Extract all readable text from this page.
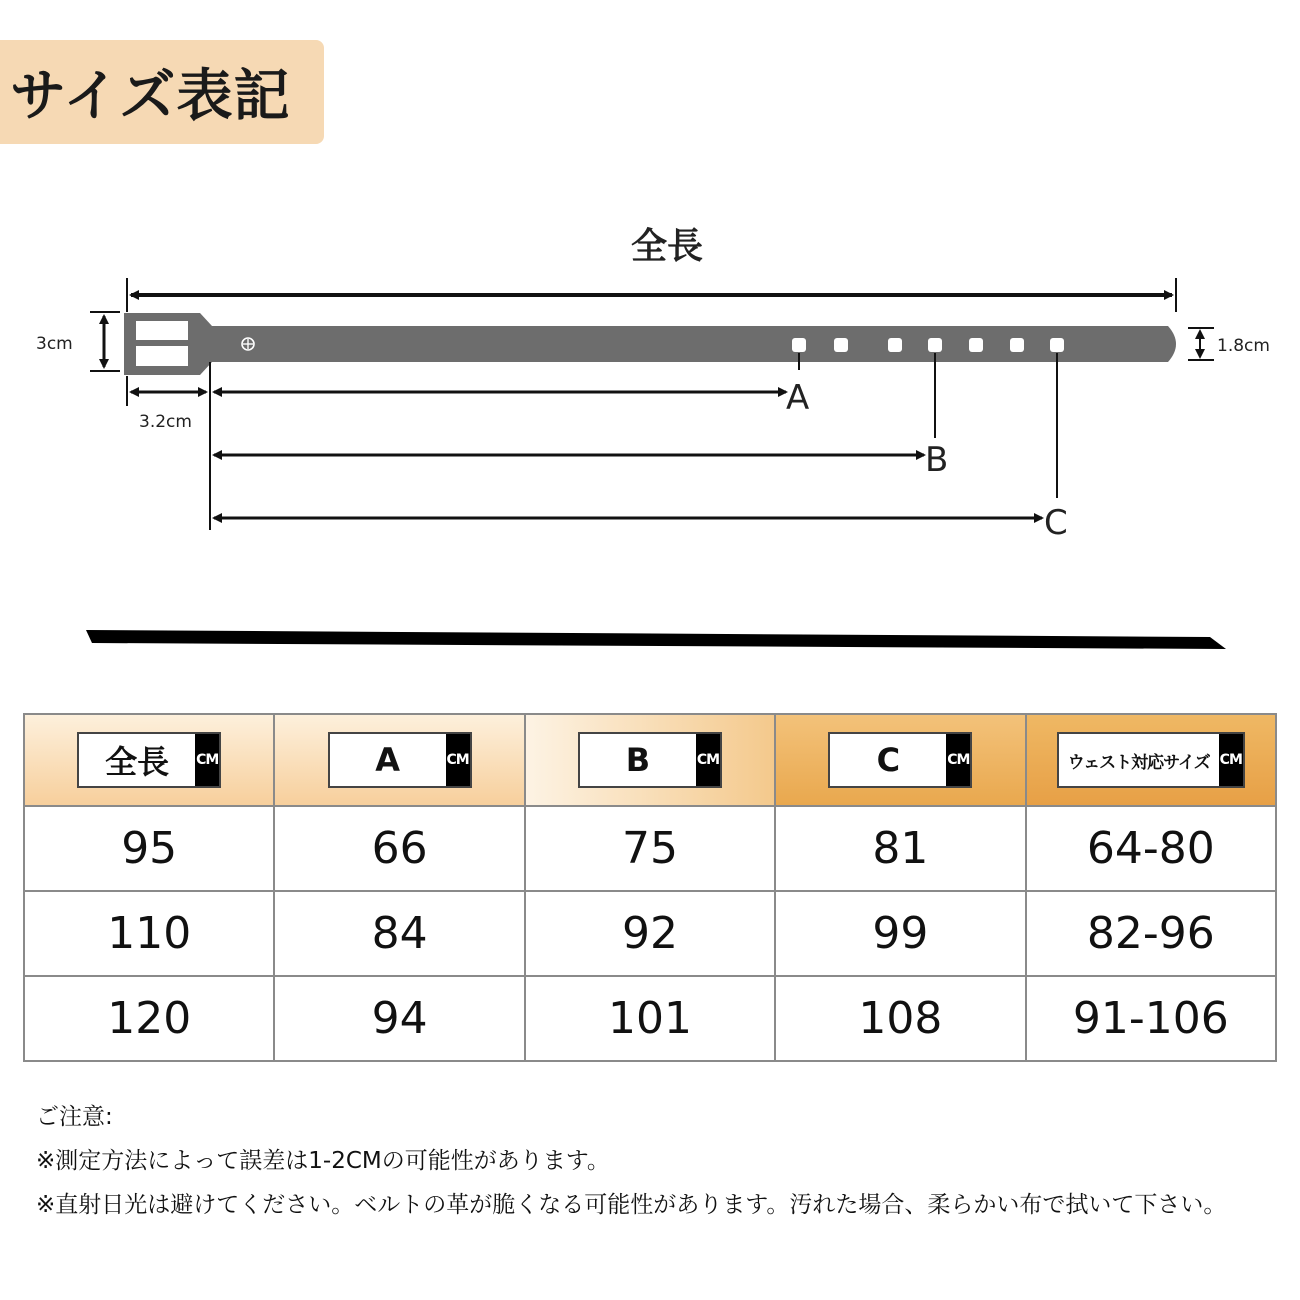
サイズ表記
全長
3cm	1.8cm
3.2cm
A
B
C
全長 CM	A CM	B CM	C CM	ウェスト対応サイズ CM

95	66	75	81	64-80
110	84	92	99	82-96
120	94	101	108	91-106
ご注意:
※測定方法によって誤差は1-2CMの可能性があります。
※直射日光は避けてください。ベルトの革が脆くなる可能性があります。汚れた場合、柔らかい布で拭いて下さい。
